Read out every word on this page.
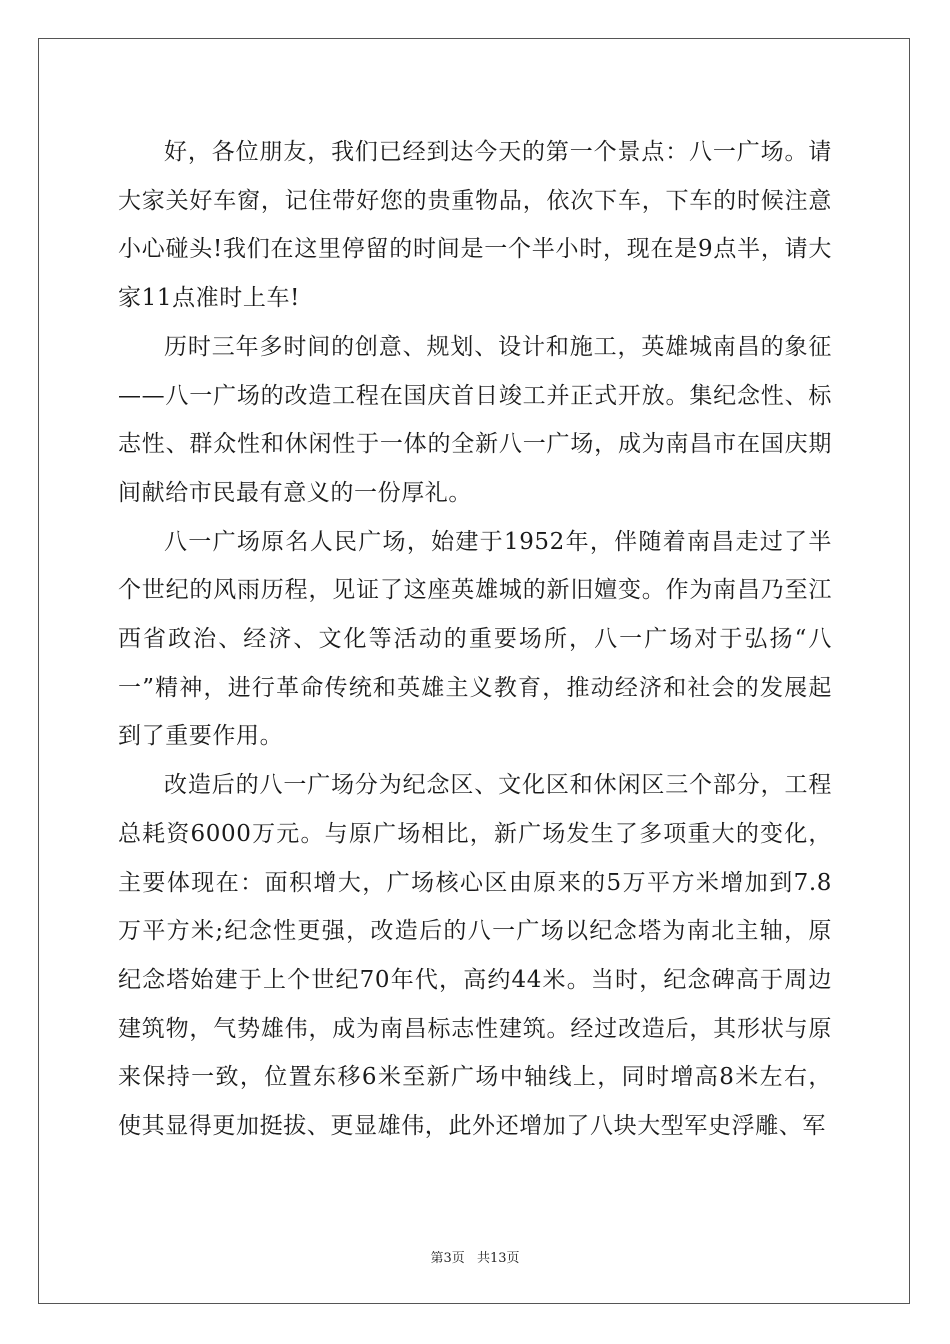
好，各位朋友，我们已经到达今天的第一个景点：八一广场。请大家关好车窗，记住带好您的贵重物品，依次下车，下车的时候注意小心碰头!我们在这里停留的时间是一个半小时，现在是9点半，请大家11点准时上车!

历时三年多时间的创意、规划、设计和施工，英雄城南昌的象征——八一广场的改造工程在国庆首日竣工并正式开放。集纪念性、标志性、群众性和休闲性于一体的全新八一广场，成为南昌市在国庆期间献给市民最有意义的一份厚礼。

八一广场原名人民广场，始建于1952年，伴随着南昌走过了半个世纪的风雨历程，见证了这座英雄城的新旧嬗变。作为南昌乃至江西省政治、经济、文化等活动的重要场所，八一广场对于弘扬“八一”精神，进行革命传统和英雄主义教育，推动经济和社会的发展起到了重要作用。

改造后的八一广场分为纪念区、文化区和休闲区三个部分，工程总耗资6000万元。与原广场相比，新广场发生了多项重大的变化，主要体现在：面积增大，广场核心区由原来的5万平方米增加到7.8万平方米;纪念性更强，改造后的八一广场以纪念塔为南北主轴，原纪念塔始建于上个世纪70年代，高约44米。当时，纪念碑高于周边建筑物，气势雄伟，成为南昌标志性建筑。经过改造后，其形状与原来保持一致，位置东移6米至新广场中轴线上，同时增高8米左右，使其显得更加挺拔、更显雄伟，此外还增加了八块大型军史浮雕、军

第3页 共13页
